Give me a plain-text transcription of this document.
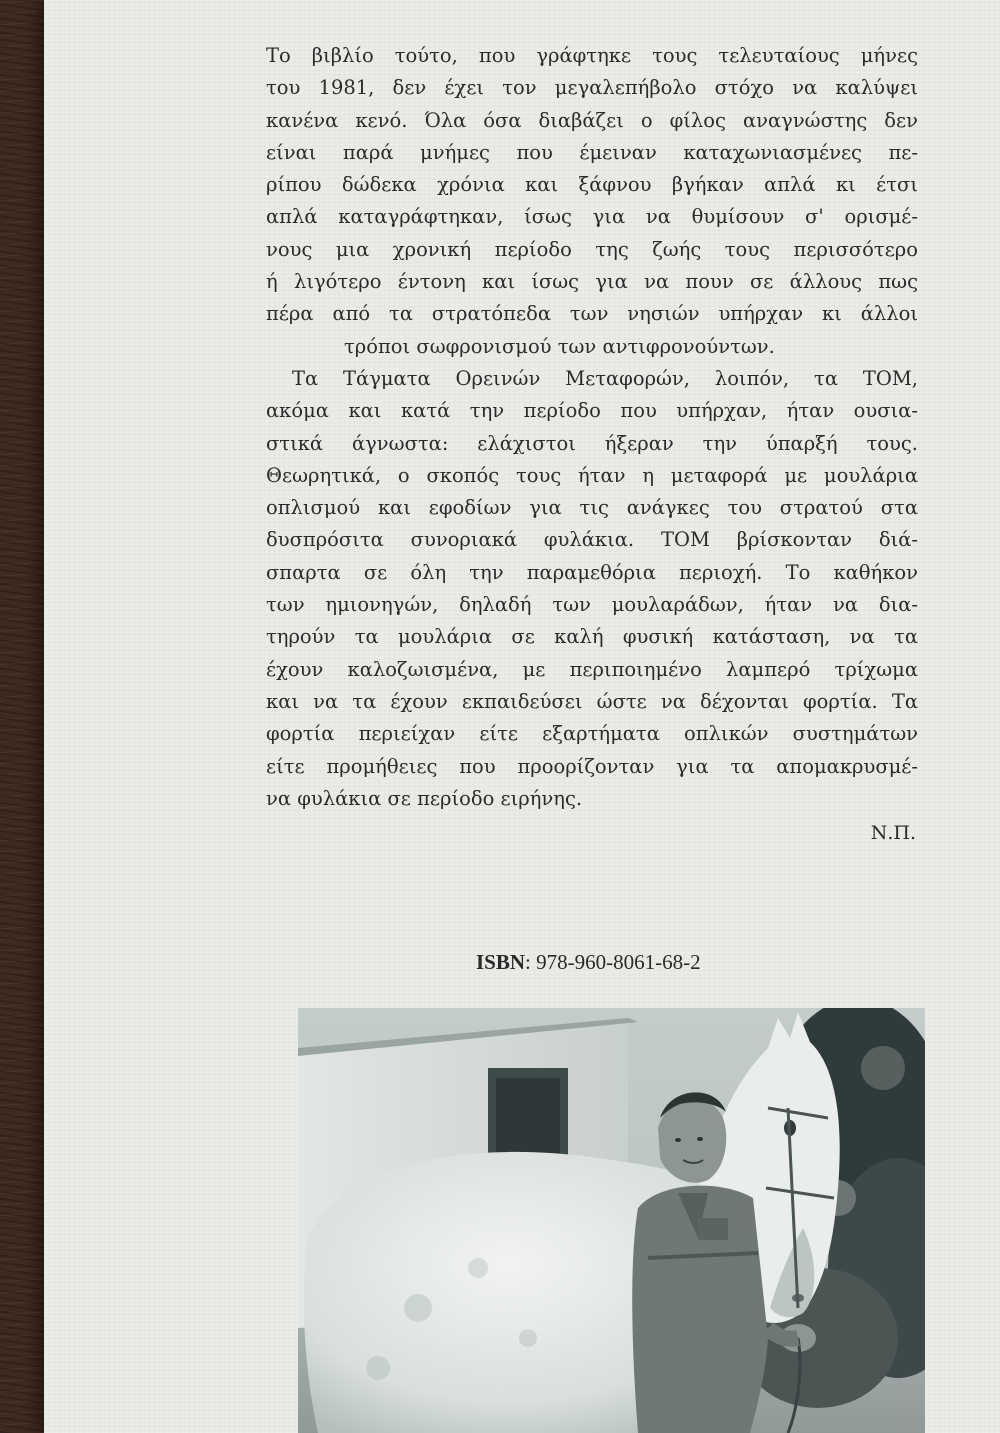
Το βιβλίο τούτο, που γράφτηκε τους τελευταίους μήνες
του 1981, δεν έχει τον μεγαλεπήβολο στόχο να καλύψει
κανένα κενό. Όλα όσα διαβάζει ο φίλος αναγνώστης δεν
είναι παρά μνήμες που έμειναν καταχωνιασμένες πε-
ρίπου δώδεκα χρόνια και ξάφνου βγήκαν απλά κι έτσι
απλά καταγράφτηκαν, ίσως για να θυμίσουν σ' ορισμέ-
νους μια χρονική περίοδο της ζωής τους περισσότερο
ή λιγότερο έντονη και ίσως για να πουν σε άλλους πως
πέρα από τα στρατόπεδα των νησιών υπήρχαν κι άλλοι
τρόποι σωφρονισμού των αντιφρονούντων.
Τα Τάγματα Ορεινών Μεταφορών, λοιπόν, τα ΤΟΜ,
ακόμα και κατά την περίοδο που υπήρχαν, ήταν ουσια-
στικά άγνωστα: ελάχιστοι ήξεραν την ύπαρξή τους.
Θεωρητικά, ο σκοπός τους ήταν η μεταφορά με μουλάρια
οπλισμού και εφοδίων για τις ανάγκες του στρατού στα
δυσπρόσιτα συνοριακά φυλάκια. ΤΟΜ βρίσκονταν διά-
σπαρτα σε όλη την παραμεθόρια περιοχή. Το καθήκον
των ημιονηγών, δηλαδή των μουλαράδων, ήταν να δια-
τηρούν τα μουλάρια σε καλή φυσική κατάσταση, να τα
έχουν καλοζωισμένα, με περιποιημένο λαμπερό τρίχωμα
και να τα έχουν εκπαιδεύσει ώστε να δέχονται φορτία. Τα
φορτία περιείχαν είτε εξαρτήματα οπλικών συστημάτων
είτε προμήθειες που προορίζονταν για τα απομακρυσμέ-
να φυλάκια σε περίοδο ειρήνης.
Ν.Π.
ISBN: 978-960-8061-68-2
